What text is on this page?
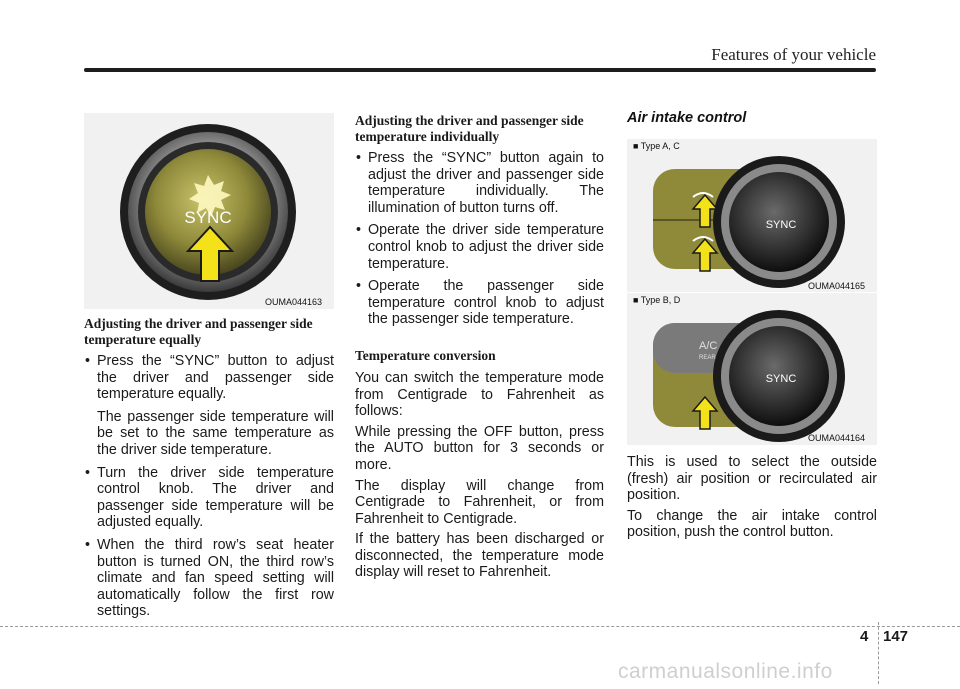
Features of your vehicle
SYNC
OUMA044163

Adjusting the driver and passenger side temperature equally

• Press the “SYNC” button to adjust the driver and passenger side temperature equally.
The passenger side temperature will be set to the same temperature as the driver side temperature.
• Turn the driver side temperature control knob. The driver and passenger side temperature will be adjusted equally.
• When the third row’s seat heater button is turned ON, the third row’s climate and fan speed setting will automatically follow the first row settings.

Adjusting the driver and passenger side temperature individually

• Press the “SYNC” button again to adjust the driver and passenger side temperature individually. The illumination of button turns off.
• Operate the driver side temperature control knob to adjust the driver side temperature.
• Operate the passenger side temperature control knob to adjust the passenger side temperature.

Temperature conversion

You can switch the temperature mode from Centigrade to Fahrenheit as follows:

While pressing the OFF button, press the AUTO button for 3 seconds or more.

The display will change from Centigrade to Fahrenheit, or from Fahrenheit to Centigrade.

If the battery has been discharged or disconnected, the temperature mode display will reset to Fahrenheit.

Air intake control
SYNC
■ Type A, C
OUMA044165
SYNC
A/C
REAR
■ Type B, D
OUMA044164

This is used to select the outside (fresh) air position or recirculated air position.

To change the air intake control position, push the control button.

4 147
carmanualsonline.info
